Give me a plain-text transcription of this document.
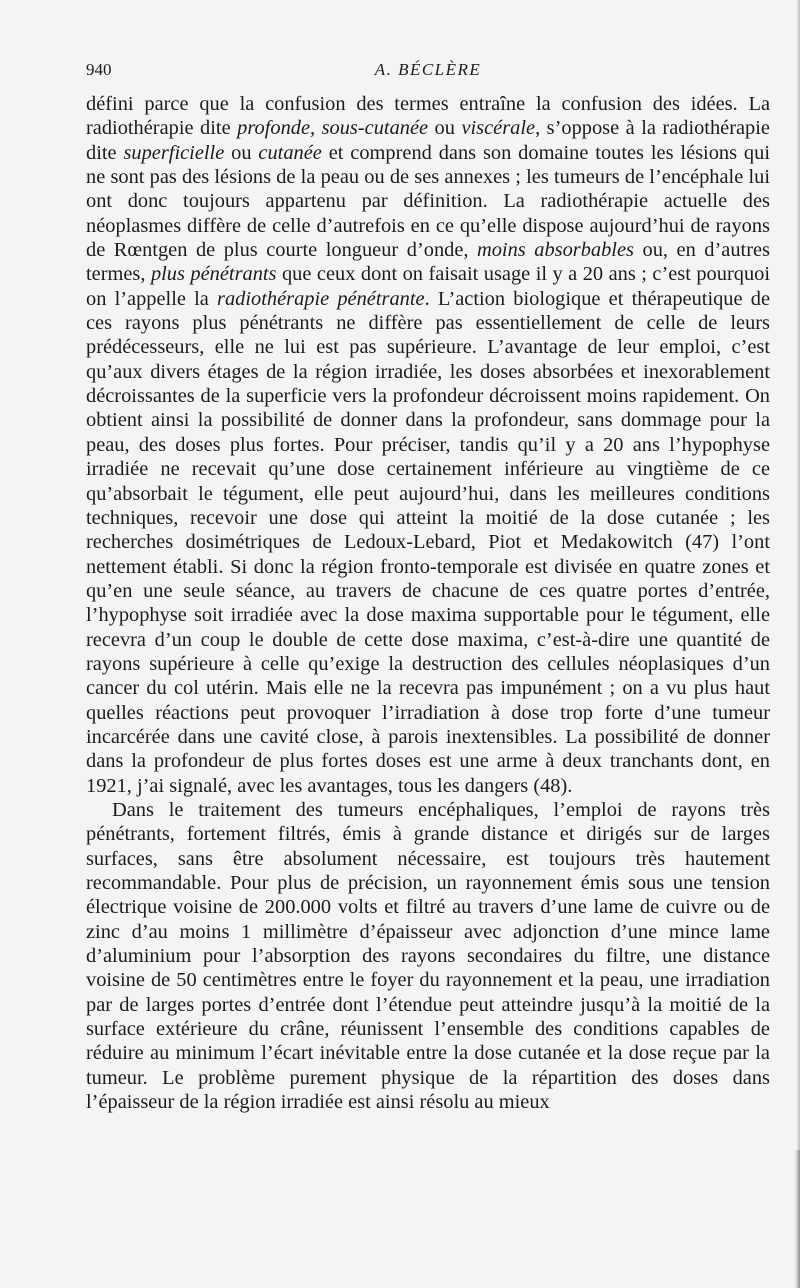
940	A. BÉCLÈRE

défini parce que la confusion des termes entraîne la confusion des idées. La radiothérapie dite profonde, sous-cutanée ou viscérale, s’oppose à la radiothérapie dite superficielle ou cutanée et comprend dans son domaine toutes les lésions qui ne sont pas des lésions de la peau ou de ses annexes ; les tumeurs de l’encéphale lui ont donc toujours appartenu par définition. La radiothérapie actuelle des néoplasmes diffère de celle d’autrefois en ce qu’elle dispose aujourd’hui de rayons de Rœntgen de plus courte longueur d’onde, moins absorbables ou, en d’autres termes, plus pénétrants que ceux dont on faisait usage il y a 20 ans ; c’est pourquoi on l’appelle la radiothérapie pénétrante. L’action biologique et thérapeutique de ces rayons plus pénétrants ne diffère pas essentiellement de celle de leurs prédécesseurs, elle ne lui est pas supérieure. L’avantage de leur emploi, c’est qu’aux divers étages de la région irradiée, les doses absorbées et inexorablement décroissantes de la superficie vers la profondeur décroissent moins rapidement. On obtient ainsi la possibilité de donner dans la profondeur, sans dommage pour la peau, des doses plus fortes. Pour préciser, tandis qu’il y a 20 ans l’hypophyse irradiée ne recevait qu’une dose certainement inférieure au vingtième de ce qu’absorbait le tégument, elle peut aujourd’hui, dans les meilleures conditions techniques, recevoir une dose qui atteint la moitié de la dose cutanée ; les recherches dosimétriques de Ledoux-Lebard, Piot et Medakowitch (47) l’ont nettement établi. Si donc la région fronto-temporale est divisée en quatre zones et qu’en une seule séance, au travers de chacune de ces quatre portes d’entrée, l’hypophyse soit irradiée avec la dose maxima supportable pour le tégument, elle recevra d’un coup le double de cette dose maxima, c’est-à-dire une quantité de rayons supérieure à celle qu’exige la destruction des cellules néoplasiques d’un cancer du col utérin. Mais elle ne la recevra pas impunément ; on a vu plus haut quelles réactions peut provoquer l’irradiation à dose trop forte d’une tumeur incarcérée dans une cavité close, à parois inextensibles. La possibilité de donner dans la profondeur de plus fortes doses est une arme à deux tranchants dont, en 1921, j’ai signalé, avec les avantages, tous les dangers (48).

Dans le traitement des tumeurs encéphaliques, l’emploi de rayons très pénétrants, fortement filtrés, émis à grande distance et dirigés sur de larges surfaces, sans être absolument nécessaire, est toujours très hautement recommandable. Pour plus de précision, un rayonnement émis sous une tension électrique voisine de 200.000 volts et filtré au travers d’une lame de cuivre ou de zinc d’au moins 1 millimètre d’épaisseur avec adjonction d’une mince lame d’aluminium pour l’absorption des rayons secondaires du filtre, une distance voisine de 50 centimètres entre le foyer du rayonnement et la peau, une irradiation par de larges portes d’entrée dont l’étendue peut atteindre jusqu’à la moitié de la surface extérieure du crâne, réunissent l’ensemble des conditions capables de réduire au minimum l’écart inévitable entre la dose cutanée et la dose reçue par la tumeur. Le problème purement physique de la répartition des doses dans l’épaisseur de la région irradiée est ainsi résolu au mieux
